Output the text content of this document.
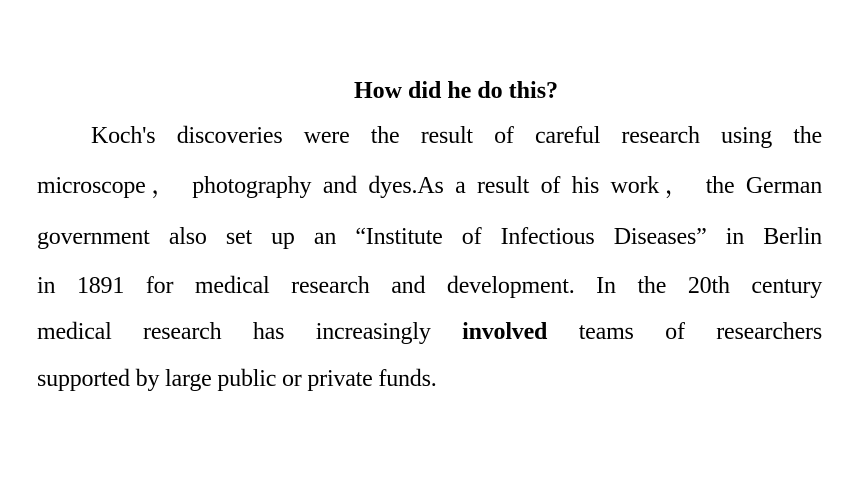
How did he do this?

Koch's discoveries were the result of careful research using the

microscope， photography and dyes.As a result of his work， the German

government also set up an “Institute of Infectious Diseases” in Berlin

in 1891 for medical research and development. In the 20th century

medical research has increasingly involved teams of researchers

supported by large public or private funds.
